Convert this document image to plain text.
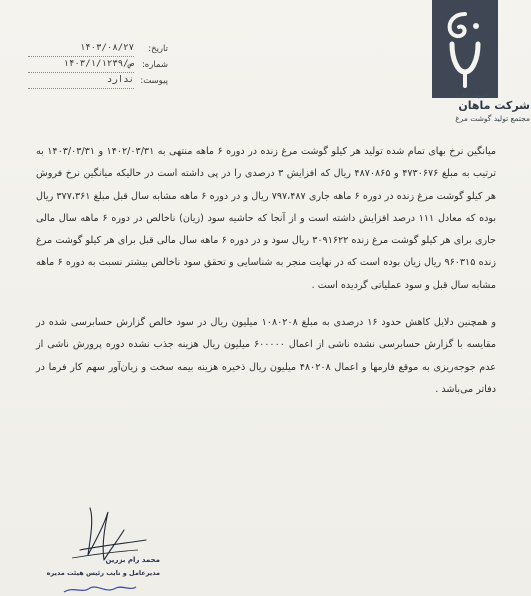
( سهامی عام )
شرکت ماهان
مجتمع تولید گوشت مرغ
تاریخ:
۱۴۰۳/۰۸/۲۷
شماره:
۱۴۰۳/ص/۱/۱۲۳۹
پیوست:
ندارد
میانگین نرخ بهای تمام شده تولید هر کیلو گوشت مرغ زنده در دوره ۶ ماهه منتهی به ۱۴۰۲/۰۳/۳۱ و ۱۴۰۳/۰۳/۳۱ به ترتیب به مبلغ ۴۷۳۰۶۷۶ و ۴۸۷۰۸۶۵ ریال که افزایش ۳ درصدی را در پی داشته است در حالیکه میانگین نرخ فروش هر کیلو گوشت مرغ زنده در دوره ۶ ماهه جاری ۷۹۷،۴۸۷ ریال و در دوره ۶ ماهه مشابه سال قبل مبلغ ۳۷۷،۳۶۱ ریال بوده که معادل ۱۱۱ درصد افزایش داشته است و از آنجا که حاشیه سود (زیان) ناخالص در دوره ۶ ماهه سال مالی جاری برای هر کیلو گوشت مرغ زنده ۳۰۹۱۶۲۲ ریال سود و در دوره ۶ ماهه سال مالی قبل برای هر کیلو گوشت مرغ زنده ۹۶۰۳۱۵ ریال زیان بوده است که در نهایت منجر به شناسایی و تحقق سود ناخالص بیشتر نسبت به دوره ۶ ماهه مشابه سال قبل و سود عملیاتی گردیده است .
و همچنین دلایل کاهش حدود ۱۶ درصدی به مبلغ ۱۰۸۰۲۰۸ میلیون ریال در سود خالص گزارش حسابرسی شده در مقایسه با گزارش حسابرسی نشده ناشی از اعمال ۶۰۰۰۰۰ میلیون ریال هزینه جذب نشده دوره پرورش ناشی از عدم جوجه‌ریزی به موقع فارمها و اعمال ۴۸۰۲۰۸ میلیون ریال ذخیره هزینه بیمه سخت و زیان‌آور سهم کار فرما در دفاتر می‌باشد .
محمد رام بزرین
مدیرعامل و نایب رئیس هیئت مدیره
